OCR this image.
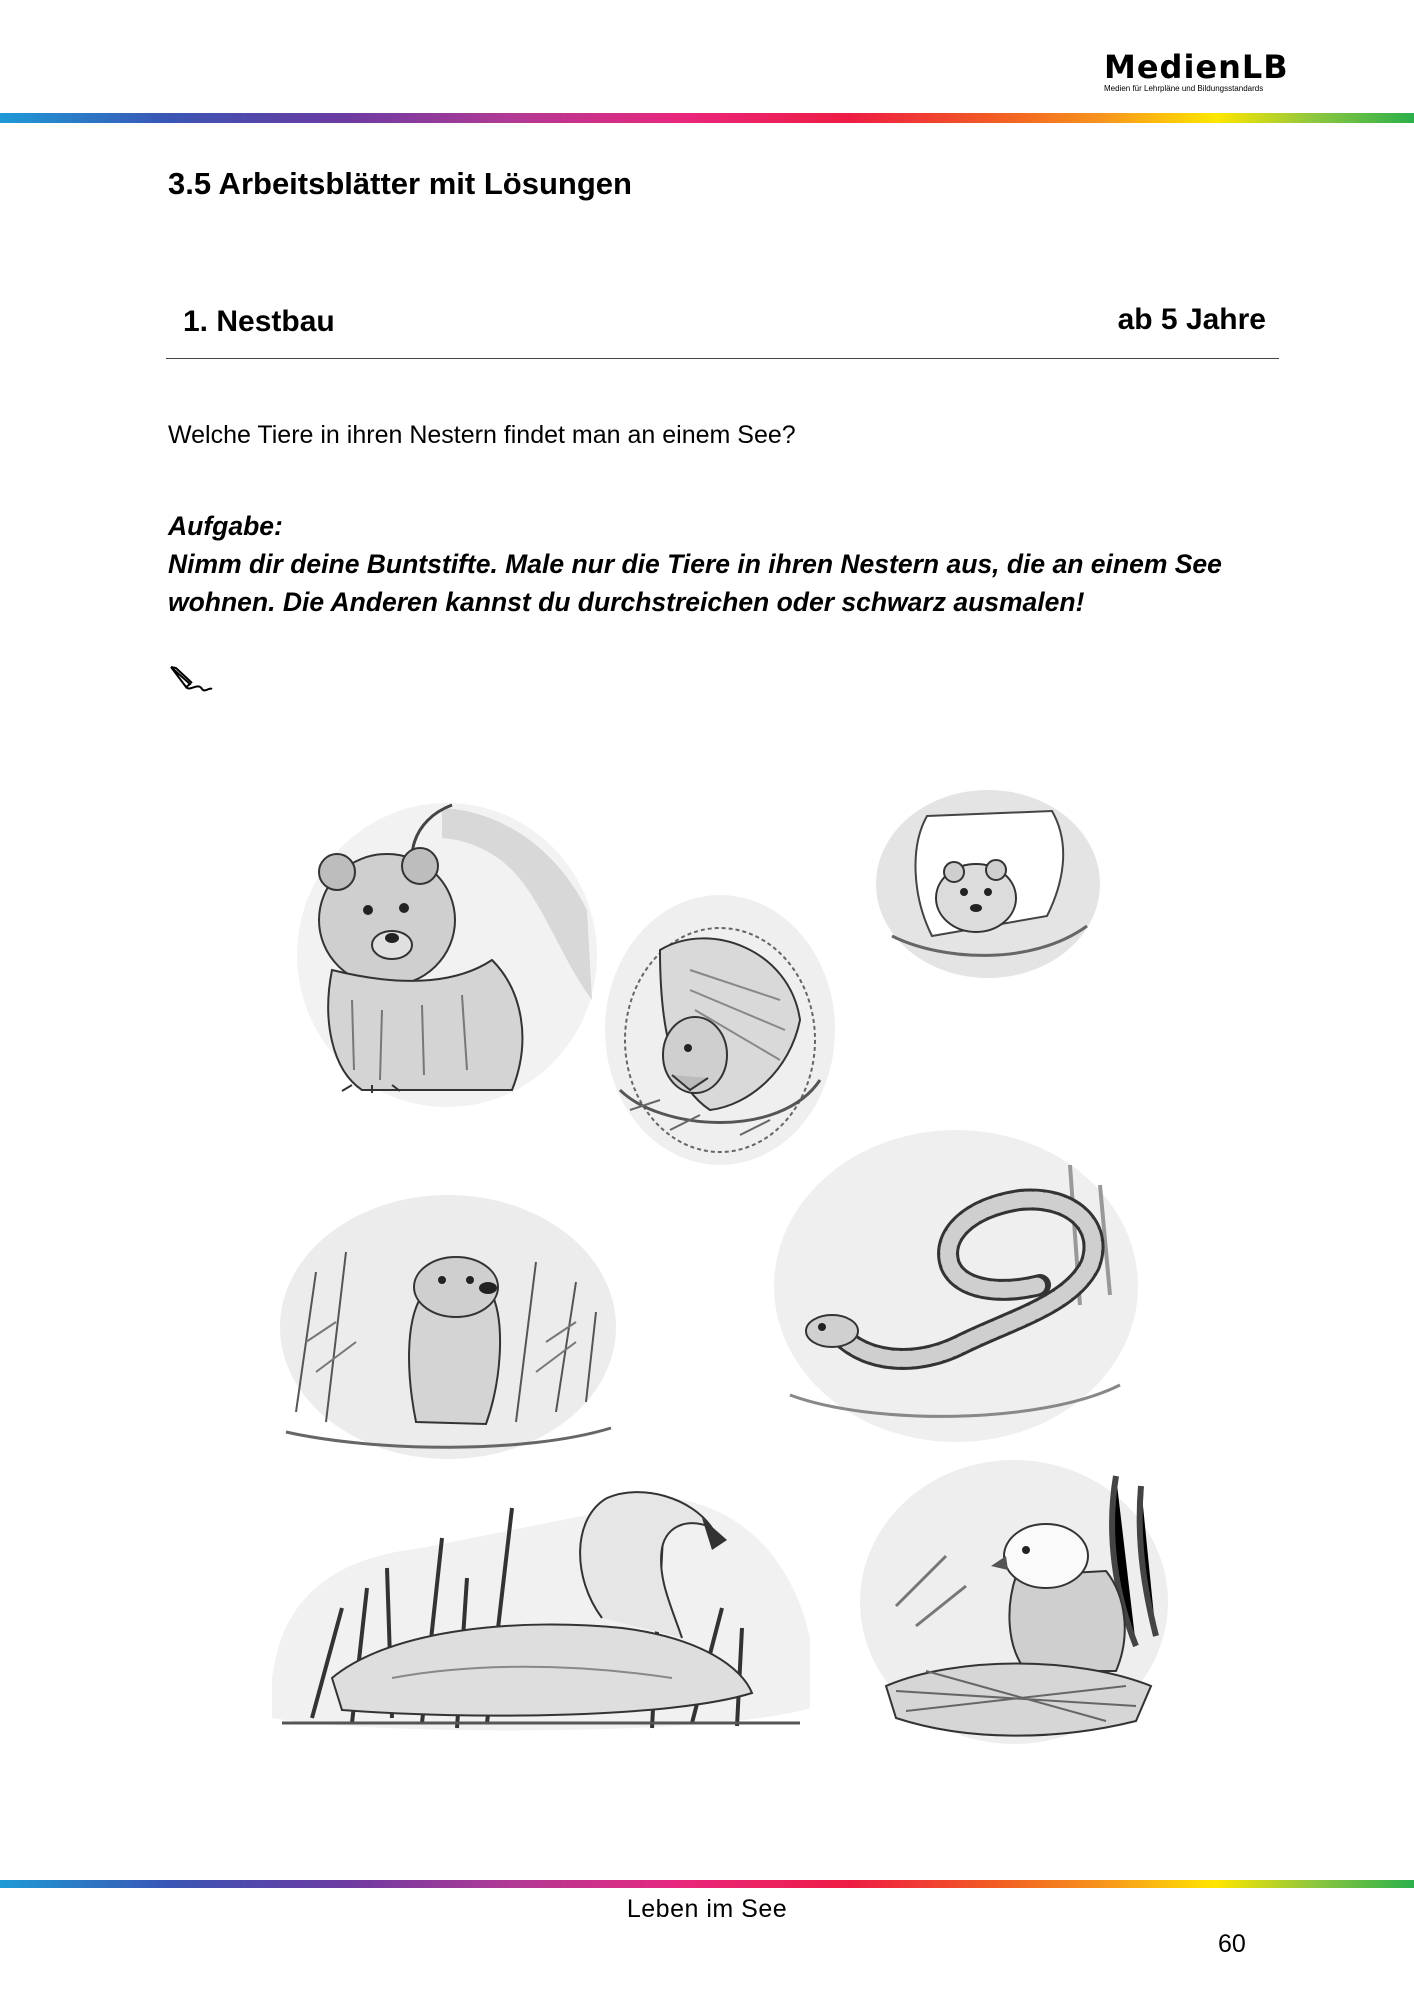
MedienLB
Medien für Lehrpläne und Bildungsstandards
3.5 Arbeitsblätter mit Lösungen
1. Nestbau	ab 5 Jahre
Welche Tiere in ihren Nestern findet man an einem See?
Aufgabe:
Nimm dir deine Buntstifte. Male nur die Tiere in ihren Nestern aus, die an einem See wohnen. Die Anderen kannst du durchstreichen oder schwarz ausmalen!
Leben im See
60
